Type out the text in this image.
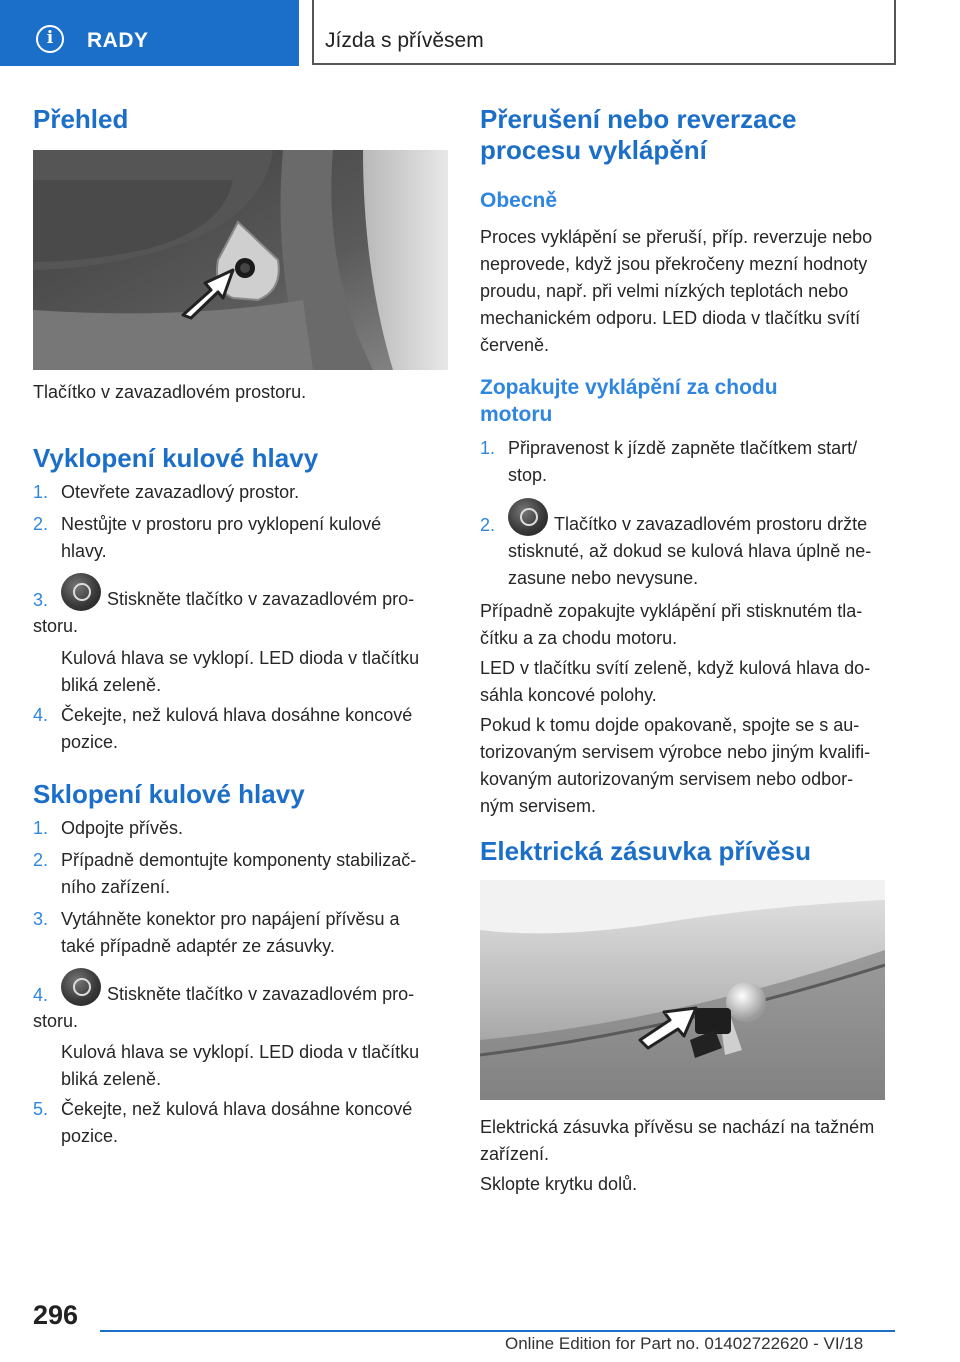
i	RADY	Jízda s přívěsem
Přehled
Tlačítko v zavazadlovém prostoru.
Vyklopení kulové hlavy
1. Otevřete zavazadlový prostor.
2. Nestůjte v prostoru pro vyklopení kulové
hlavy.
3.	Stiskněte tlačítko v zavazadlovém pro-
storu.
Kulová hlava se vyklopí. LED dioda v tlačítku
bliká zeleně.
4. Čekejte, než kulová hlava dosáhne koncové
pozice.
Sklopení kulové hlavy
1. Odpojte přívěs.
2. Případně demontujte komponenty stabilizač-
ního zařízení.
3. Vytáhněte konektor pro napájení přívěsu a
také případně adaptér ze zásuvky.
4.	Stiskněte tlačítko v zavazadlovém pro-
storu.
Kulová hlava se vyklopí. LED dioda v tlačítku
bliká zeleně.
5. Čekejte, než kulová hlava dosáhne koncové
pozice.
Přerušení nebo reverzace
procesu vyklápění
Obecně
Proces vyklápění se přeruší, příp. reverzuje nebo
neprovede, když jsou překročeny mezní hodnoty
proudu, např. při velmi nízkých teplotách nebo
mechanickém odporu. LED dioda v tlačítku svítí
červeně.
Zopakujte vyklápění za chodu
motoru
1. Připravenost k jízdě zapněte tlačítkem start/
stop.
2.	Tlačítko v zavazadlovém prostoru držte
stisknuté, až dokud se kulová hlava úplně ne-
zasune nebo nevysune.
Případně zopakujte vyklápění při stisknutém tla-
čítku a za chodu motoru.
LED v tlačítku svítí zeleně, když kulová hlava do-
sáhla koncové polohy.
Pokud k tomu dojde opakovaně, spojte se s au-
torizovaným servisem výrobce nebo jiným kvalifi-
kovaným autorizovaným servisem nebo odbor-
ným servisem.
Elektrická zásuvka přívěsu
Elektrická zásuvka přívěsu se nachází na tažném
zařízení.
Sklopte krytku dolů.
296
Online Edition for Part no. 01402722620 - VI/18
